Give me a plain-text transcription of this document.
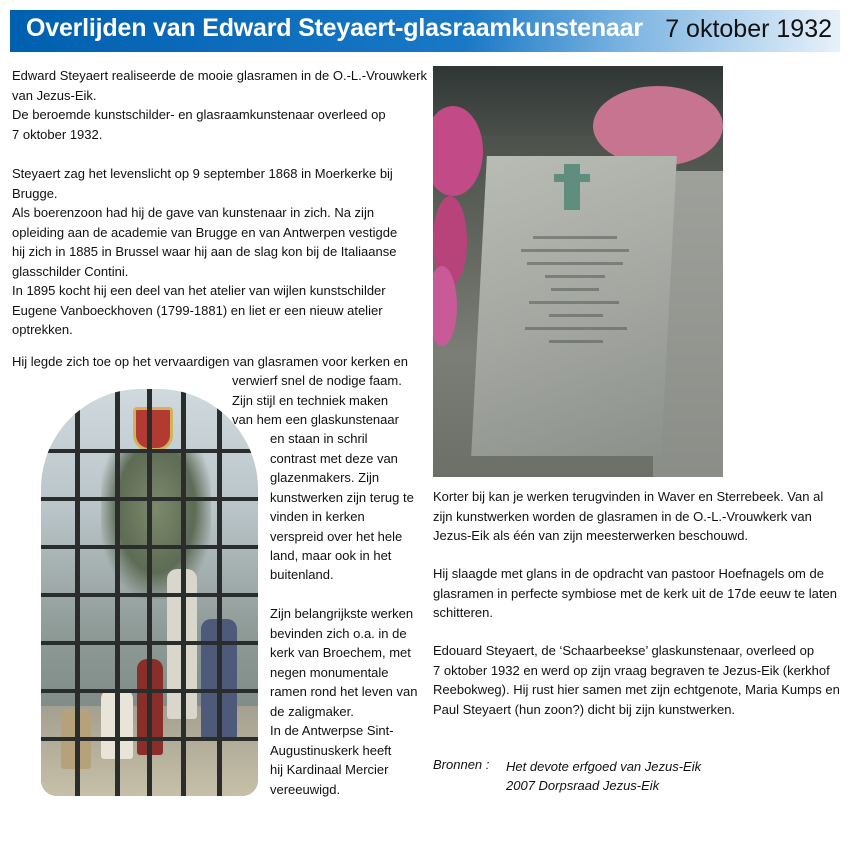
Overlijden van Edward Steyaert-glasraamkunstenaar 7 oktober 1932
Edward Steyaert realiseerde de mooie glasramen in de O.-L.-Vrouwkerk
van Jezus-Eik.
De beroemde kunstschilder- en glasraamkunstenaar overleed op
7 oktober 1932.
Steyaert zag het levenslicht op 9 september 1868 in Moerkerke bij
Brugge.
Als boerenzoon had hij de gave van kunstenaar in zich. Na zijn
opleiding aan de academie van Brugge en van Antwerpen vestigde
hij zich in 1885 in Brussel waar hij aan de slag kon bij de Italiaanse
glasschilder Contini.
In 1895 kocht hij een deel van het atelier van wijlen kunstschilder
Eugene Vanboeckhoven (1799-1881) en liet er een nieuw atelier
optrekken.
Hij legde zich toe op het vervaardigen van glasramen voor kerken en
verwierf snel de nodige faam.
Zijn stijl en techniek maken
van hem een glaskunstenaar
en staan in schril
contrast met deze van
glazenmakers. Zijn
kunstwerken zijn terug te
vinden in kerken
verspreid over het hele
land, maar ook in het
buitenland.
Zijn belangrijkste werken
bevinden zich o.a. in de
kerk van Broechem, met
negen monumentale
ramen rond het leven van
de zaligmaker.
In de Antwerpse Sint-
Augustinuskerk heeft
hij Kardinaal Mercier
vereeuwigd.
Korter bij kan je werken terugvinden in Waver en Sterrebeek. Van al
zijn kunstwerken worden de glasramen in de O.-L.-Vrouwkerk van
Jezus-Eik als één van zijn meesterwerken beschouwd.
Hij slaagde met glans in de opdracht van pastoor Hoefnagels om de
glasramen in perfecte symbiose met de kerk uit de 17de eeuw te laten
schitteren.
Edouard Steyaert, de ‘Schaarbeekse’ glaskunstenaar, overleed op
7 oktober 1932 en werd op zijn vraag begraven te Jezus-Eik (kerkhof
Reebokweg). Hij rust hier samen met zijn echtgenote, Maria Kumps en
Paul Steyaert (hun zoon?) dicht bij zijn kunstwerken.
Bronnen : Het devote erfgoed van Jezus-Eik
2007 Dorpsraad Jezus-Eik
